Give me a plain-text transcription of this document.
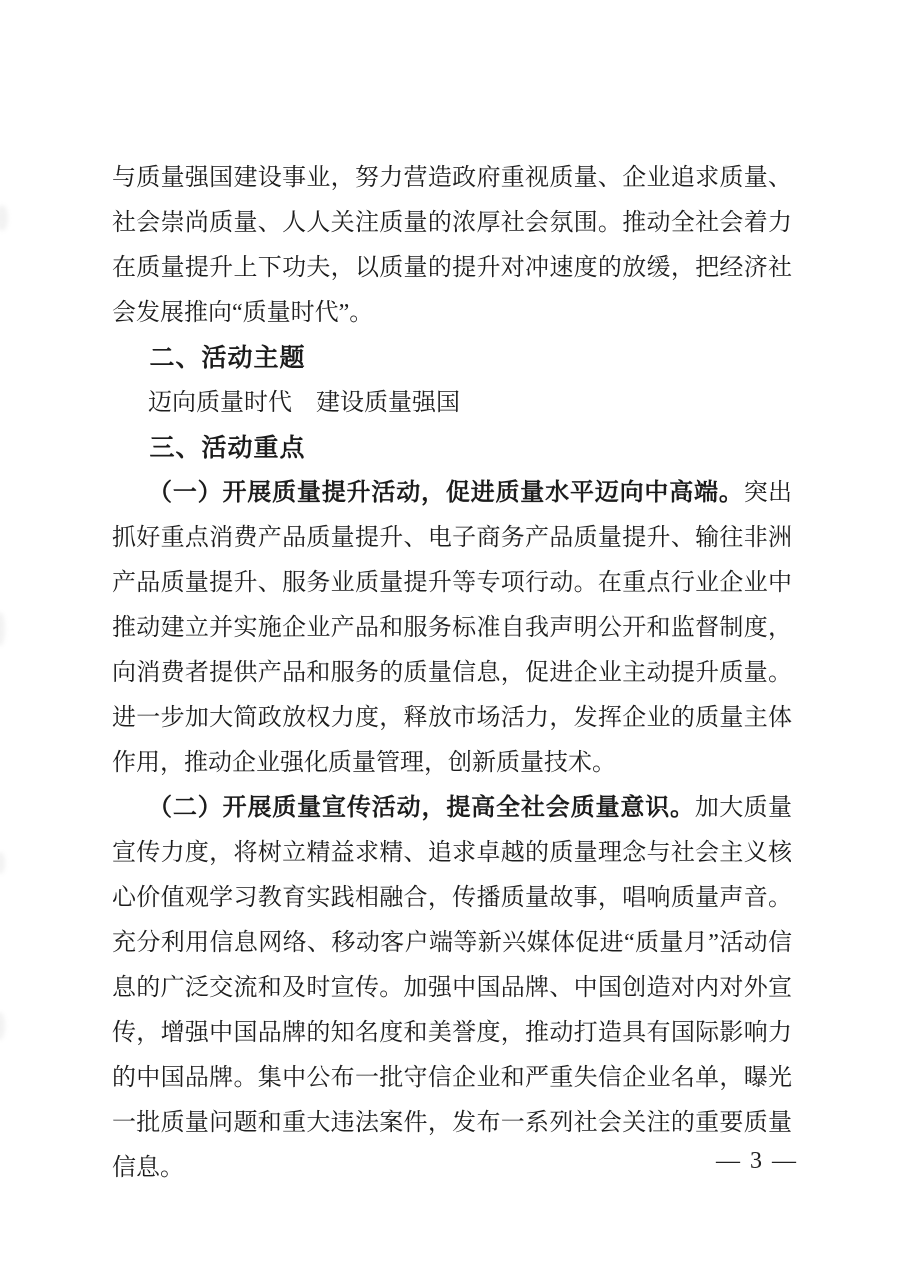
与质量强国建设事业，努力营造政府重视质量、企业追求质量、社会崇尚质量、人人关注质量的浓厚社会氛围。推动全社会着力在质量提升上下功夫，以质量的提升对冲速度的放缓，把经济社会发展推向“质量时代”。

二、活动主题

迈向质量时代　建设质量强国

三、活动重点

（一）开展质量提升活动，促进质量水平迈向中高端。突出抓好重点消费产品质量提升、电子商务产品质量提升、输往非洲产品质量提升、服务业质量提升等专项行动。在重点行业企业中推动建立并实施企业产品和服务标准自我声明公开和监督制度，向消费者提供产品和服务的质量信息，促进企业主动提升质量。进一步加大简政放权力度，释放市场活力，发挥企业的质量主体作用，推动企业强化质量管理，创新质量技术。

（二）开展质量宣传活动，提高全社会质量意识。加大质量宣传力度，将树立精益求精、追求卓越的质量理念与社会主义核心价值观学习教育实践相融合，传播质量故事，唱响质量声音。充分利用信息网络、移动客户端等新兴媒体促进“质量月”活动信息的广泛交流和及时宣传。加强中国品牌、中国创造对内对外宣传，增强中国品牌的知名度和美誉度，推动打造具有国际影响力的中国品牌。集中公布一批守信企业和严重失信企业名单，曝光一批质量问题和重大违法案件，发布一系列社会关注的重要质量信息。	— 3 —
